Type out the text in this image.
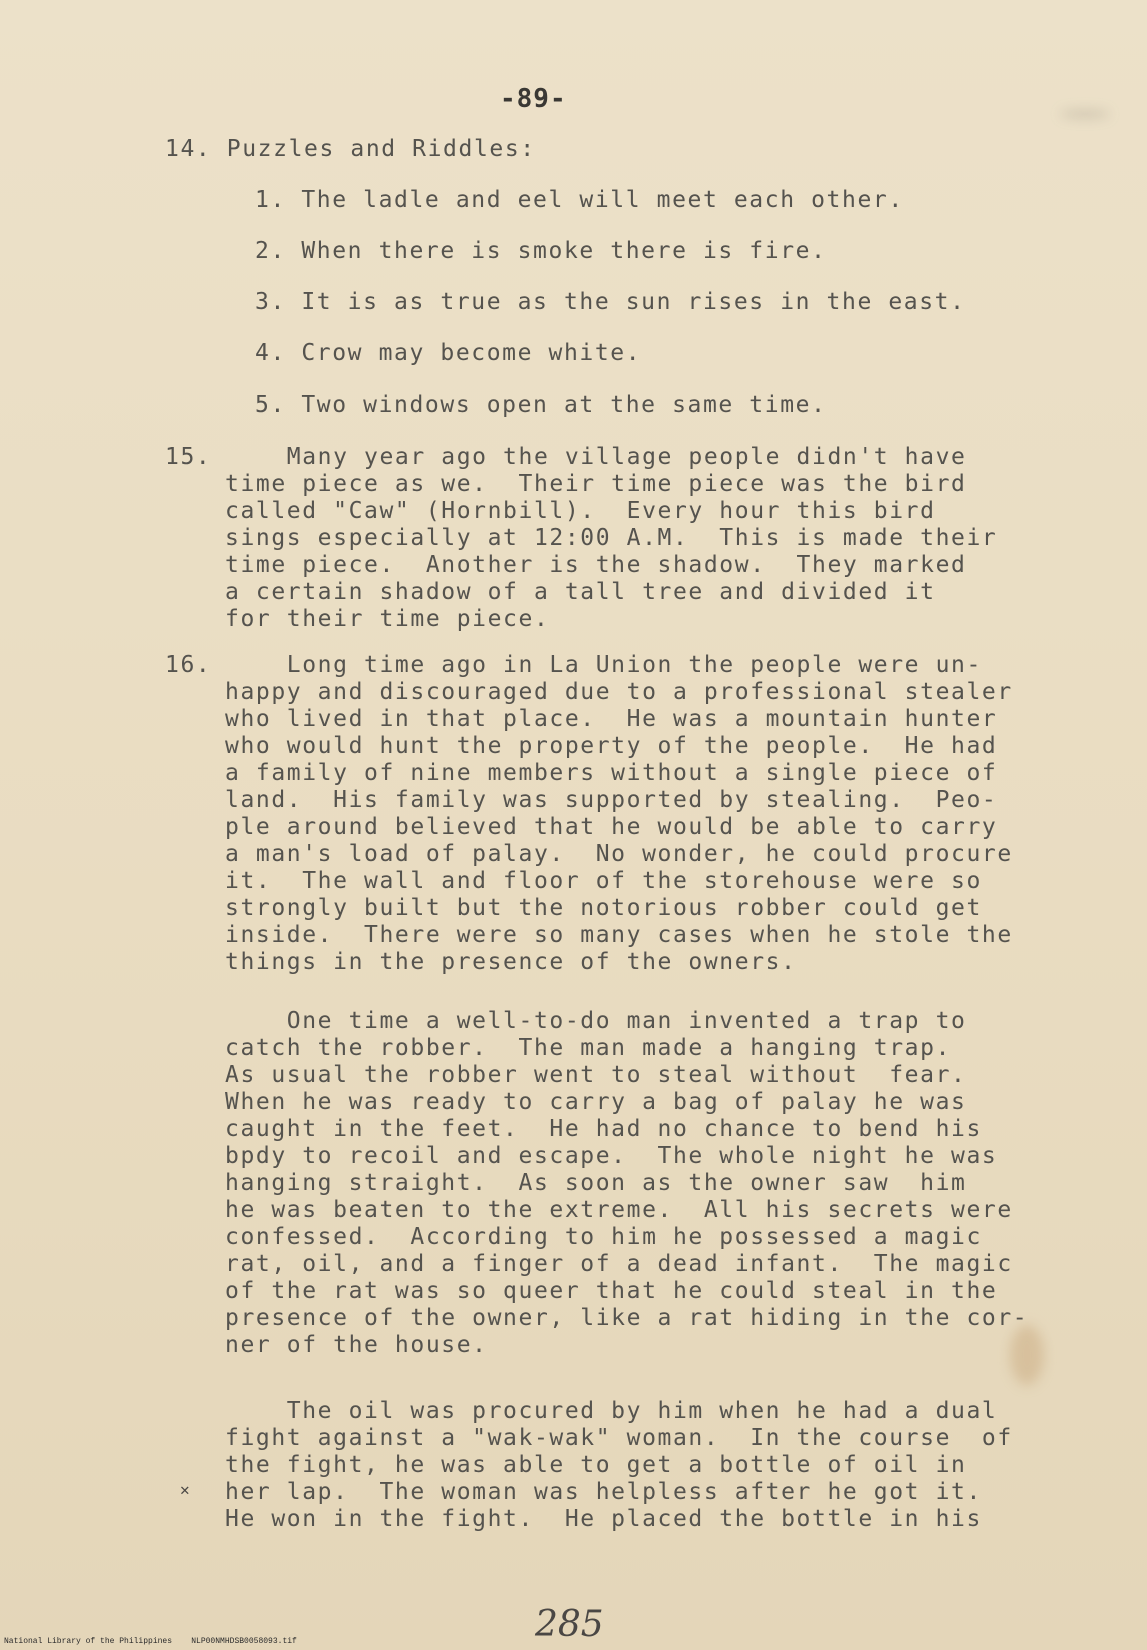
-89-
14. Puzzles and Riddles:
1. The ladle and eel will meet each other.
2. When there is smoke there is fire.
3. It is as true as the sun rises in the east.
4. Crow may become white.
5. Two windows open at the same time.
15. Many year ago the village people didn't have
time piece as we.  Their time piece was the bird
called "Caw" (Hornbill).  Every hour this bird
sings especially at 12:00 A.M.  This is made their
time piece.  Another is the shadow.  They marked
a certain shadow of a tall tree and divided it
for their time piece.
16. Long time ago in La Union the people were un-
happy and discouraged due to a professional stealer
who lived in that place.  He was a mountain hunter
who would hunt the property of the people.  He had
a family of nine members without a single piece of
land.  His family was supported by stealing.  Peo-
ple around believed that he would be able to carry
a man's load of palay.  No wonder, he could procure
it.  The wall and floor of the storehouse were so
strongly built but the notorious robber could get
inside.  There were so many cases when he stole the
things in the presence of the owners.
One time a well-to-do man invented a trap to
catch the robber.  The man made a hanging trap.
As usual the robber went to steal without  fear.
When he was ready to carry a bag of palay he was
caught in the feet.  He had no chance to bend his
bpdy to recoil and escape.  The whole night he was
hanging straight.  As soon as the owner saw  him
he was beaten to the extreme.  All his secrets were
confessed.  According to him he possessed a magic
rat, oil, and a finger of a dead infant.  The magic
of the rat was so queer that he could steal in the
presence of the owner, like a rat hiding in the cor-
ner of the house.
The oil was procured by him when he had a dual
fight against a "wak-wak" woman.  In the course  of
the fight, he was able to get a bottle of oil in
her lap.  The woman was helpless after he got it.
He won in the fight.  He placed the bottle in his
✕
285
National Library of the Philippines    NLP00NMHDSB0058093.tif
